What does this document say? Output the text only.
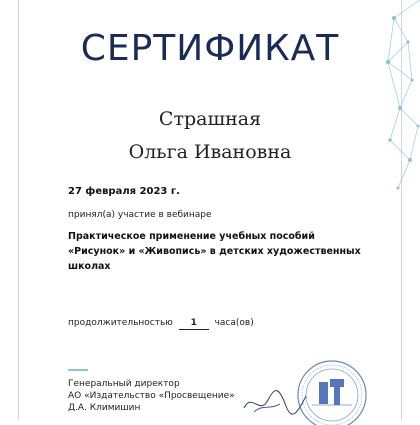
СЕРТИФИКАТ
Страшная
Ольга Ивановна
27 февраля 2023 г.
принял(а) участие в вебинаре
Практическое применение учебных пособий
«Рисунок» и «Живопись» в детских художественных
школах
продолжительностью 1 часа(ов)
Генеральный директор
АО «Издательство «Просвещение»
Д.А. Климишин
